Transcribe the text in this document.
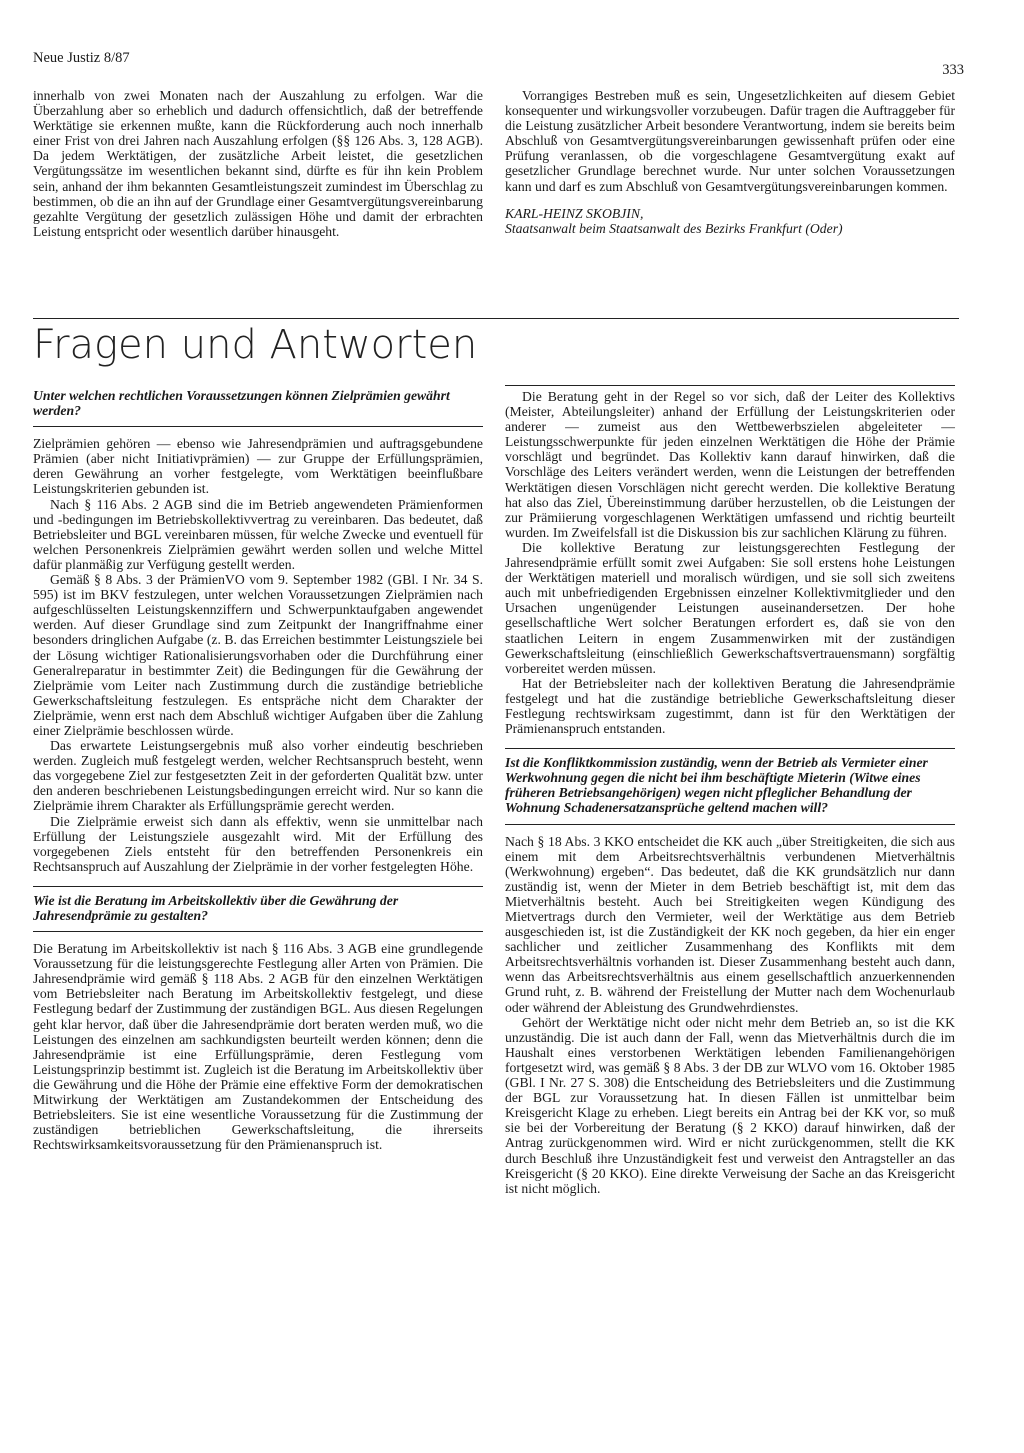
Neue Justiz 8/87
333

innerhalb von zwei Monaten nach der Auszahlung zu erfolgen. War die Überzahlung aber so erheblich und dadurch offensichtlich, daß der betreffende Werktätige sie erkennen mußte, kann die Rückforderung auch noch innerhalb einer Frist von drei Jahren nach Auszahlung erfolgen (§§ 126 Abs. 3, 128 AGB). Da jedem Werktätigen, der zusätzliche Arbeit leistet, die gesetzlichen Vergütungssätze im wesentlichen bekannt sind, dürfte es für ihn kein Problem sein, anhand der ihm bekannten Gesamtleistungszeit zumindest im Überschlag zu bestimmen, ob die an ihn auf der Grundlage einer Gesamtvergütungsvereinbarung gezahlte Vergütung der gesetzlich zulässigen Höhe und damit der erbrachten Leistung entspricht oder wesentlich darüber hinausgeht.

Vorrangiges Bestreben muß es sein, Ungesetzlichkeiten auf diesem Gebiet konsequenter und wirkungsvoller vorzubeugen. Dafür tragen die Auftraggeber für die Leistung zusätzlicher Arbeit besondere Verantwortung, indem sie bereits beim Abschluß von Gesamtvergütungsvereinbarungen gewissenhaft prüfen oder eine Prüfung veranlassen, ob die vorgeschlagene Gesamtvergütung exakt auf gesetzlicher Grundlage berechnet wurde. Nur unter solchen Voraussetzungen kann und darf es zum Abschluß von Gesamtvergütungsvereinbarungen kommen.

KARL-HEINZ SKOBJIN,

Staatsanwalt beim Staatsanwalt des Bezirks Frankfurt (Oder)

Fragen und Antworten

Unter welchen rechtlichen Voraussetzungen können Zielprämien gewährt werden?

Zielprämien gehören — ebenso wie Jahresendprämien und auftragsgebundene Prämien (aber nicht Initiativprämien) — zur Gruppe der Erfüllungsprämien, deren Gewährung an vorher festgelegte, vom Werktätigen beeinflußbare Leistungskriterien gebunden ist.

Nach § 116 Abs. 2 AGB sind die im Betrieb angewendeten Prämienformen und -bedingungen im Betriebskollektivvertrag zu vereinbaren. Das bedeutet, daß Betriebsleiter und BGL vereinbaren müssen, für welche Zwecke und eventuell für welchen Personenkreis Zielprämien gewährt werden sollen und welche Mittel dafür planmäßig zur Verfügung gestellt werden.

Gemäß § 8 Abs. 3 der PrämienVO vom 9. September 1982 (GBl. I Nr. 34 S. 595) ist im BKV festzulegen, unter welchen Voraussetzungen Zielprämien nach aufgeschlüsselten Leistungskennziffern und Schwerpunktaufgaben angewendet werden. Auf dieser Grundlage sind zum Zeitpunkt der Inangriffnahme einer besonders dringlichen Aufgabe (z. B. das Erreichen bestimmter Leistungsziele bei der Lösung wichtiger Rationalisierungsvorhaben oder die Durchführung einer Generalreparatur in bestimmter Zeit) die Bedingungen für die Gewährung der Zielprämie vom Leiter nach Zustimmung durch die zuständige betriebliche Gewerkschaftsleitung festzulegen. Es entspräche nicht dem Charakter der Zielprämie, wenn erst nach dem Abschluß wichtiger Aufgaben über die Zahlung einer Zielprämie beschlossen würde.

Das erwartete Leistungsergebnis muß also vorher eindeutig beschrieben werden. Zugleich muß festgelegt werden, welcher Rechtsanspruch besteht, wenn das vorgegebene Ziel zur festgesetzten Zeit in der geforderten Qualität bzw. unter den anderen beschriebenen Leistungsbedingungen erreicht wird. Nur so kann die Zielprämie ihrem Charakter als Erfüllungsprämie gerecht werden.

Die Zielprämie erweist sich dann als effektiv, wenn sie unmittelbar nach Erfüllung der Leistungsziele ausgezahlt wird. Mit der Erfüllung des vorgegebenen Ziels entsteht für den betreffenden Personenkreis ein Rechtsanspruch auf Auszahlung der Zielprämie in der vorher festgelegten Höhe.

Wie ist die Beratung im Arbeitskollektiv über die Gewährung der Jahresendprämie zu gestalten?

Die Beratung im Arbeitskollektiv ist nach § 116 Abs. 3 AGB eine grundlegende Voraussetzung für die leistungsgerechte Festlegung aller Arten von Prämien. Die Jahresendprämie wird gemäß § 118 Abs. 2 AGB für den einzelnen Werktätigen vom Betriebsleiter nach Beratung im Arbeitskollektiv festgelegt, und diese Festlegung bedarf der Zustimmung der zuständigen BGL. Aus diesen Regelungen geht klar hervor, daß über die Jahresendprämie dort beraten werden muß, wo die Leistungen des einzelnen am sachkundigsten beurteilt werden können; denn die Jahresendprämie ist eine Erfüllungsprämie, deren Festlegung vom Leistungsprinzip bestimmt ist. Zugleich ist die Beratung im Arbeitskollektiv über die Gewährung und die Höhe der Prämie eine effektive Form der demokratischen Mitwirkung der Werktätigen am Zustandekommen der Entscheidung des Betriebsleiters. Sie ist eine wesentliche Voraussetzung für die Zustimmung der zuständigen betrieblichen Gewerkschaftsleitung, die ihrerseits Rechtswirksamkeitsvoraussetzung für den Prämienanspruch ist.

Die Beratung geht in der Regel so vor sich, daß der Leiter des Kollektivs (Meister, Abteilungsleiter) anhand der Erfüllung der Leistungskriterien oder anderer — zumeist aus den Wettbewerbszielen abgeleiteter — Leistungsschwerpunkte für jeden einzelnen Werktätigen die Höhe der Prämie vorschlägt und begründet. Das Kollektiv kann darauf hinwirken, daß die Vorschläge des Leiters verändert werden, wenn die Leistungen der betreffenden Werktätigen diesen Vorschlägen nicht gerecht werden. Die kollektive Beratung hat also das Ziel, Übereinstimmung darüber herzustellen, ob die Leistungen der zur Prämiierung vorgeschlagenen Werktätigen umfassend und richtig beurteilt wurden. Im Zweifelsfall ist die Diskussion bis zur sachlichen Klärung zu führen.

Die kollektive Beratung zur leistungsgerechten Festlegung der Jahresendprämie erfüllt somit zwei Aufgaben: Sie soll erstens hohe Leistungen der Werktätigen materiell und moralisch würdigen, und sie soll sich zweitens auch mit unbefriedigenden Ergebnissen einzelner Kollektivmitglieder und den Ursachen ungenügender Leistungen auseinandersetzen. Der hohe gesellschaftliche Wert solcher Beratungen erfordert es, daß sie von den staatlichen Leitern in engem Zusammenwirken mit der zuständigen Gewerkschaftsleitung (einschließlich Gewerkschaftsvertrauensmann) sorgfältig vorbereitet werden müssen.

Hat der Betriebsleiter nach der kollektiven Beratung die Jahresendprämie festgelegt und hat die zuständige betriebliche Gewerkschaftsleitung dieser Festlegung rechtswirksam zugestimmt, dann ist für den Werktätigen der Prämienanspruch entstanden.

Ist die Konfliktkommission zuständig, wenn der Betrieb als Vermieter einer Werkwohnung gegen die nicht bei ihm beschäftigte Mieterin (Witwe eines früheren Betriebsangehörigen) wegen nicht pfleglicher Behandlung der Wohnung Schadenersatzansprüche geltend machen will?

Nach § 18 Abs. 3 KKO entscheidet die KK auch „über Streitigkeiten, die sich aus einem mit dem Arbeitsrechtsverhältnis verbundenen Mietverhältnis (Werkwohnung) ergeben“. Das bedeutet, daß die KK grundsätzlich nur dann zuständig ist, wenn der Mieter in dem Betrieb beschäftigt ist, mit dem das Mietverhältnis besteht. Auch bei Streitigkeiten wegen Kündigung des Mietvertrags durch den Vermieter, weil der Werktätige aus dem Betrieb ausgeschieden ist, ist die Zuständigkeit der KK noch gegeben, da hier ein enger sachlicher und zeitlicher Zusammenhang des Konflikts mit dem Arbeitsrechtsverhältnis vorhanden ist. Dieser Zusammenhang besteht auch dann, wenn das Arbeitsrechtsverhältnis aus einem gesellschaftlich anzuerkennenden Grund ruht, z. B. während der Freistellung der Mutter nach dem Wochenurlaub oder während der Ableistung des Grundwehrdienstes.

Gehört der Werktätige nicht oder nicht mehr dem Betrieb an, so ist die KK unzuständig. Die ist auch dann der Fall, wenn das Mietverhältnis durch die im Haushalt eines verstorbenen Werktätigen lebenden Familienangehörigen fortgesetzt wird, was gemäß § 8 Abs. 3 der DB zur WLVO vom 16. Oktober 1985 (GBl. I Nr. 27 S. 308) die Entscheidung des Betriebsleiters und die Zustimmung der BGL zur Voraussetzung hat. In diesen Fällen ist unmittelbar beim Kreisgericht Klage zu erheben. Liegt bereits ein Antrag bei der KK vor, so muß sie bei der Vorbereitung der Beratung (§ 2 KKO) darauf hinwirken, daß der Antrag zurückgenommen wird. Wird er nicht zurückgenommen, stellt die KK durch Beschluß ihre Unzuständigkeit fest und verweist den Antragsteller an das Kreisgericht (§ 20 KKO). Eine direkte Verweisung der Sache an das Kreisgericht ist nicht möglich.
